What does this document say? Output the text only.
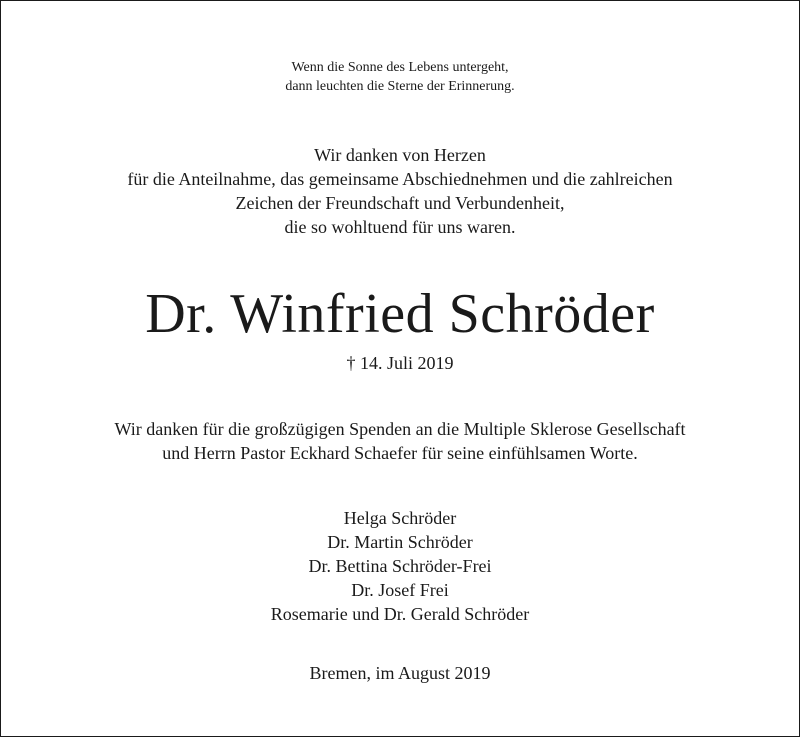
Wenn die Sonne des Lebens untergeht,
dann leuchten die Sterne der Erinnerung.
Wir danken von Herzen
für die Anteilnahme, das gemeinsame Abschiednehmen und die zahlreichen
Zeichen der Freundschaft und Verbundenheit,
die so wohltuend für uns waren.
Dr. Winfried Schröder
† 14. Juli 2019
Wir danken für die großzügigen Spenden an die Multiple Sklerose Gesellschaft
und Herrn Pastor Eckhard Schaefer für seine einfühlsamen Worte.
Helga Schröder
Dr. Martin Schröder
Dr. Bettina Schröder-Frei
Dr. Josef Frei
Rosemarie und Dr. Gerald Schröder
Bremen, im August 2019
